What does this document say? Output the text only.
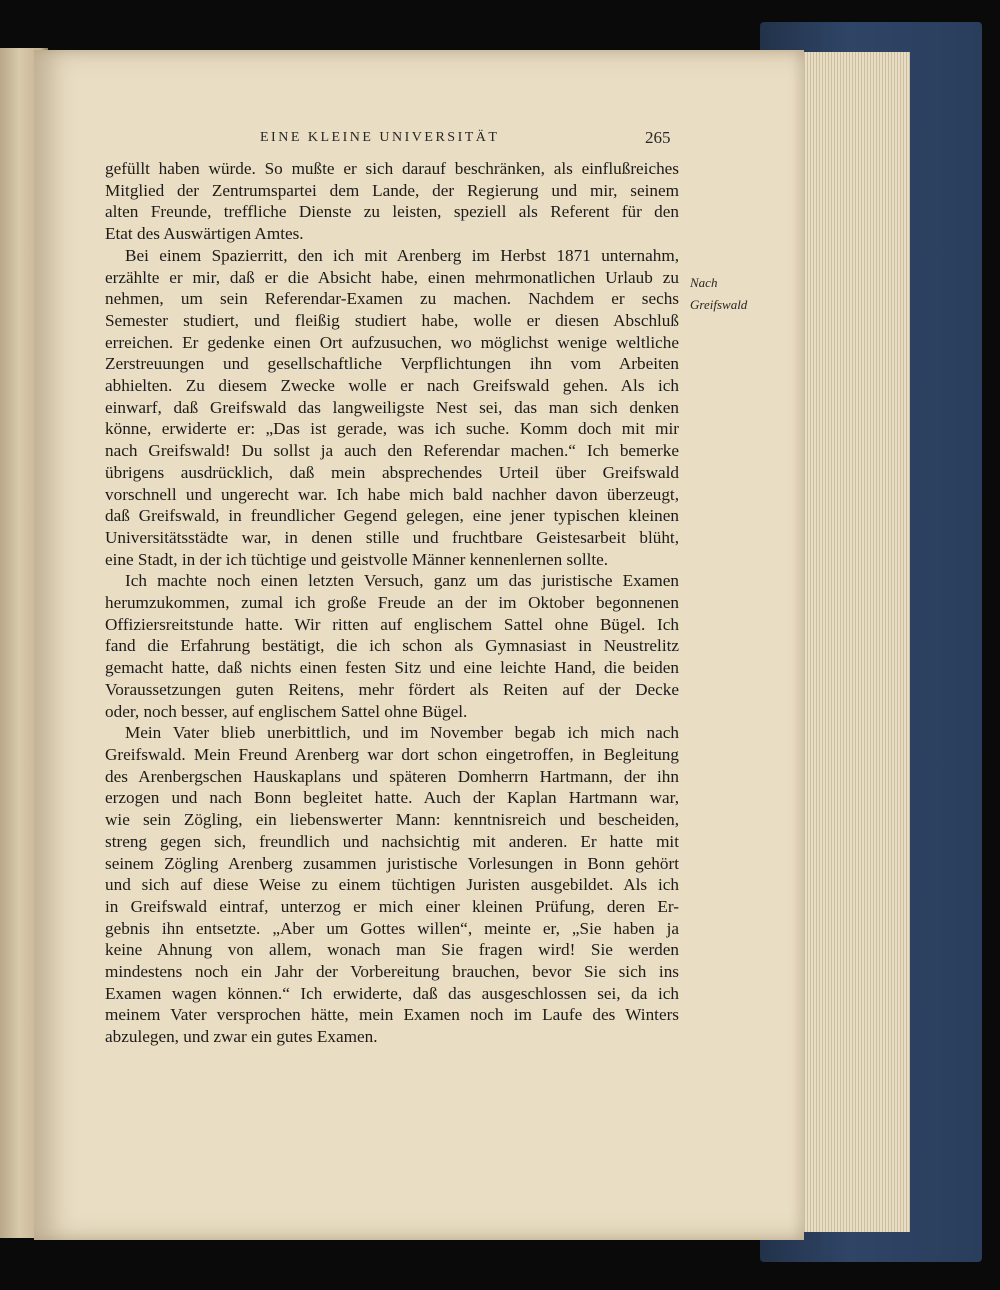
EINE KLEINE UNIVERSITÄT	265
Nach
Greifswald
gefüllt haben würde. So mußte er sich darauf beschränken, als einflußreiches
Mitglied der Zentrumspartei dem Lande, der Regierung und mir, seinem
alten Freunde, treffliche Dienste zu leisten, speziell als Referent für den
Etat des Auswärtigen Amtes.
Bei einem Spazierritt, den ich mit Arenberg im Herbst 1871 unternahm,
erzählte er mir, daß er die Absicht habe, einen mehrmonatlichen Urlaub zu
nehmen, um sein Referendar-Examen zu machen. Nachdem er sechs
Semester studiert, und fleißig studiert habe, wolle er diesen Abschluß
erreichen. Er gedenke einen Ort aufzusuchen, wo möglichst wenige weltliche
Zerstreuungen und gesellschaftliche Verpflichtungen ihn vom Arbeiten
abhielten. Zu diesem Zwecke wolle er nach Greifswald gehen. Als ich
einwarf, daß Greifswald das langweiligste Nest sei, das man sich denken
könne, erwiderte er: „Das ist gerade, was ich suche. Komm doch mit mir
nach Greifswald! Du sollst ja auch den Referendar machen.“ Ich bemerke
übrigens ausdrücklich, daß mein absprechendes Urteil über Greifswald
vorschnell und ungerecht war. Ich habe mich bald nachher davon überzeugt,
daß Greifswald, in freundlicher Gegend gelegen, eine jener typischen kleinen
Universitätsstädte war, in denen stille und fruchtbare Geistesarbeit blüht,
eine Stadt, in der ich tüchtige und geistvolle Männer kennenlernen sollte.
Ich machte noch einen letzten Versuch, ganz um das juristische Examen
herumzukommen, zumal ich große Freude an der im Oktober begonnenen
Offiziersreitstunde hatte. Wir ritten auf englischem Sattel ohne Bügel. Ich
fand die Erfahrung bestätigt, die ich schon als Gymnasiast in Neustrelitz
gemacht hatte, daß nichts einen festen Sitz und eine leichte Hand, die beiden
Voraussetzungen guten Reitens, mehr fördert als Reiten auf der Decke
oder, noch besser, auf englischem Sattel ohne Bügel.
Mein Vater blieb unerbittlich, und im November begab ich mich nach
Greifswald. Mein Freund Arenberg war dort schon eingetroffen, in Begleitung
des Arenbergschen Hauskaplans und späteren Domherrn Hartmann, der ihn
erzogen und nach Bonn begleitet hatte. Auch der Kaplan Hartmann war,
wie sein Zögling, ein liebenswerter Mann: kenntnisreich und bescheiden,
streng gegen sich, freundlich und nachsichtig mit anderen. Er hatte mit
seinem Zögling Arenberg zusammen juristische Vorlesungen in Bonn gehört
und sich auf diese Weise zu einem tüchtigen Juristen ausgebildet. Als ich
in Greifswald eintraf, unterzog er mich einer kleinen Prüfung, deren Er-
gebnis ihn entsetzte. „Aber um Gottes willen“, meinte er, „Sie haben ja
keine Ahnung von allem, wonach man Sie fragen wird! Sie werden
mindestens noch ein Jahr der Vorbereitung brauchen, bevor Sie sich ins
Examen wagen können.“ Ich erwiderte, daß das ausgeschlossen sei, da ich
meinem Vater versprochen hätte, mein Examen noch im Laufe des Winters
abzulegen, und zwar ein gutes Examen.
